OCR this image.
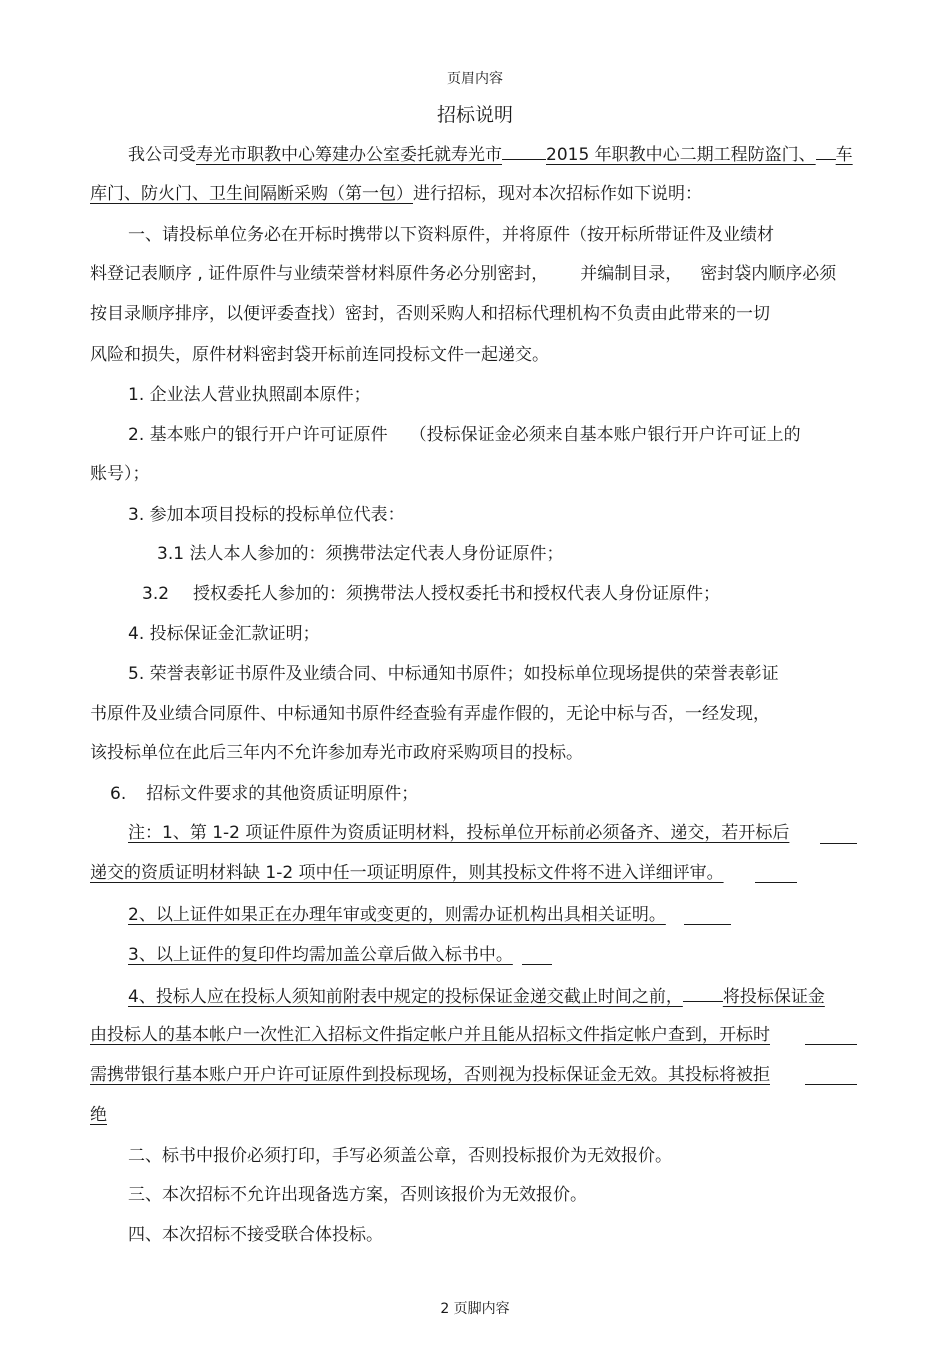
页眉内容
招标说明
我公司受寿光市职教中心筹建办公室委托就寿光市	2015 年职教中心二期工程防盗门、 车
库门、防火门、卫生间隔断采购（第一包）进行招标，现对本次招标作如下说明：
一、请投标单位务必在开标时携带以下资料原件，并将原件（按开标所带证件及业绩材
料登记表顺序 , 证件原件与业绩荣誉材料原件务必分别密封， 并编制目录， 密封袋内顺序必须
按目录顺序排序，以便评委查找）密封，否则采购人和招标代理机构不负责由此带来的一切
风险和损失，原件材料密封袋开标前连同投标文件一起递交。
1. 企业法人营业执照副本原件；
2. 基本账户的银行开户许可证原件 （投标保证金必须来自基本账户银行开户许可证上的
账号）；
3. 参加本项目投标的投标单位代表：
3.1 法人本人参加的：须携带法定代表人身份证原件；
3.2 授权委托人参加的：须携带法人授权委托书和授权代表人身份证原件；
4. 投标保证金汇款证明；
5. 荣誉表彰证书原件及业绩合同、中标通知书原件；如投标单位现场提供的荣誉表彰证
书原件及业绩合同原件、中标通知书原件经查验有弄虚作假的，无论中标与否，一经发现，
该投标单位在此后三年内不允许参加寿光市政府采购项目的投标。
6. 招标文件要求的其他资质证明原件；
注：1、第 1-2 项证件原件为资质证明材料，投标单位开标前必须备齐、递交，若开标后
递交的资质证明材料缺 1-2 项中任一项证明原件，则其投标文件将不进入详细评审。
2、以上证件如果正在办理年审或变更的，则需办证机构出具相关证明。
3、以上证件的复印件均需加盖公章后做入标书中。
4、投标人应在投标人须知前附表中规定的投标保证金递交截止时间之前， 将投标保证金
由投标人的基本帐户一次性汇入招标文件指定帐户并且能从招标文件指定帐户查到，开标时
需携带银行基本账户开户许可证原件到投标现场，否则视为投标保证金无效。其投标将被拒
绝
二、标书中报价必须打印，手写必须盖公章，否则投标报价为无效报价。
三、本次招标不允许出现备选方案，否则该报价为无效报价。
四、本次招标不接受联合体投标。
2 页脚内容
